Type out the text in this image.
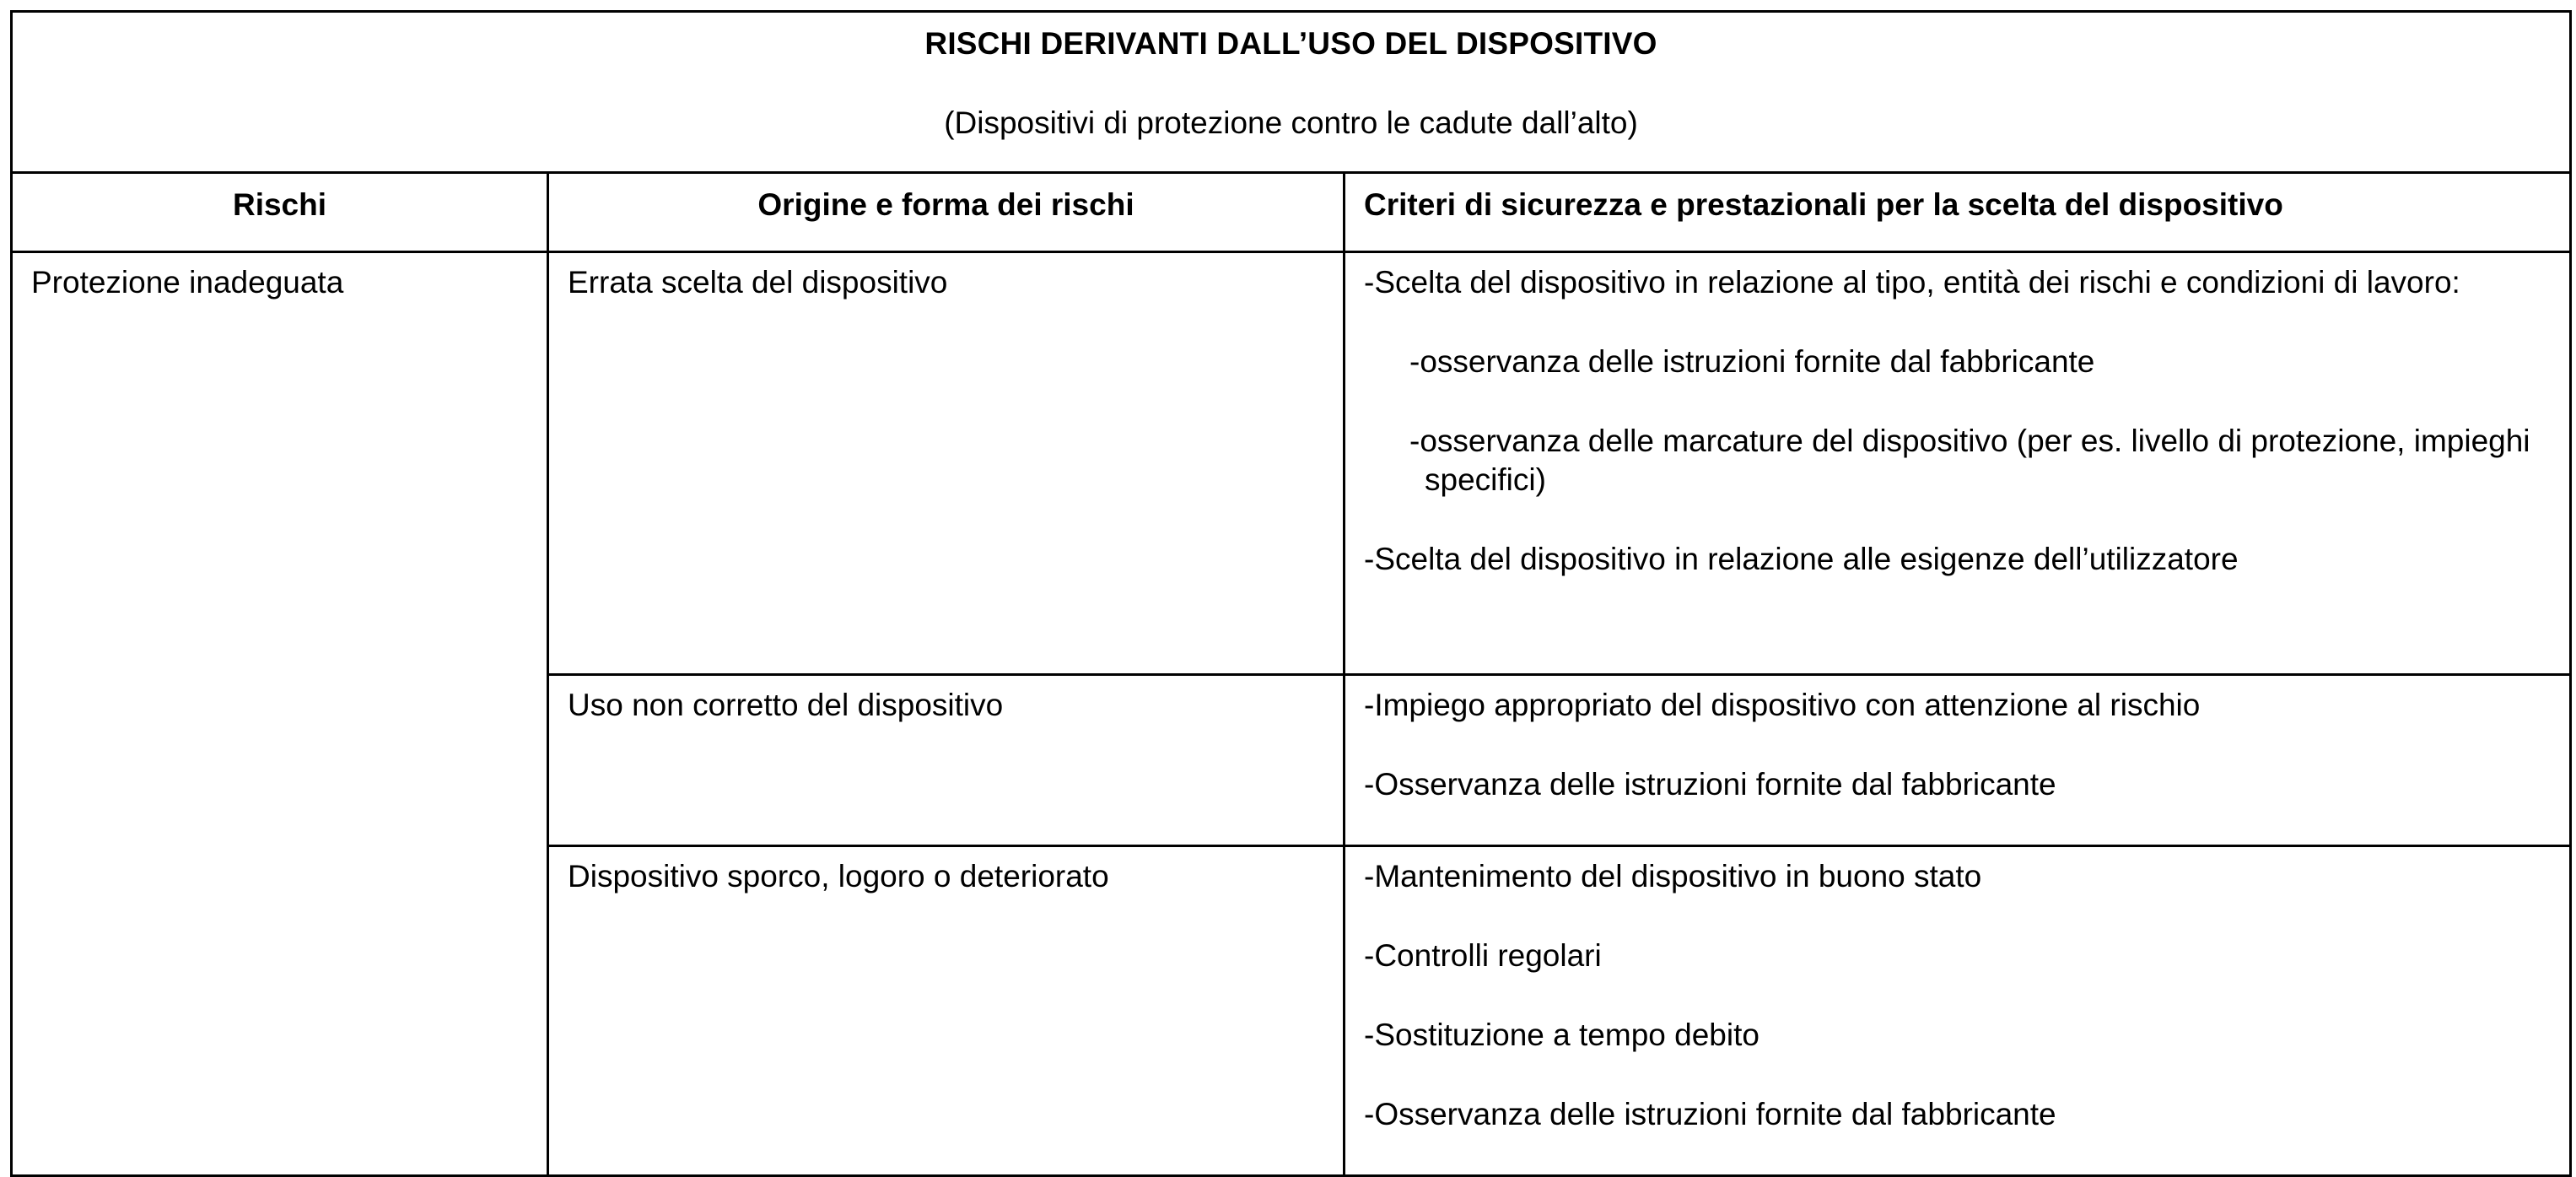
RISCHI DERIVANTI DALL’USO DEL DISPOSITIVO
(Dispositivi di protezione contro le cadute dall’alto)		

Rischi	Origine e forma dei rischi	Criteri di sicurezza e prestazionali per la scelta del dispositivo

Protezione inadeguata	Errata scelta del dispositivo	-Scelta del dispositivo in relazione al tipo, entità dei rischi e condizioni di lavoro:

-osservanza delle istruzioni fornite dal fabbricante

-osservanza delle marcature del dispositivo (per es. livello di protezione, impieghi specifici)

-Scelta del dispositivo in relazione alle esigenze dell’utilizzatore

	Uso non corretto del dispositivo	-Impiego appropriato del dispositivo con attenzione al rischio

-Osservanza delle istruzioni fornite dal fabbricante

	Dispositivo sporco, logoro o deteriorato	-Mantenimento del dispositivo in buono stato

-Controlli regolari

-Sostituzione a tempo debito

-Osservanza delle istruzioni fornite dal fabbricante
